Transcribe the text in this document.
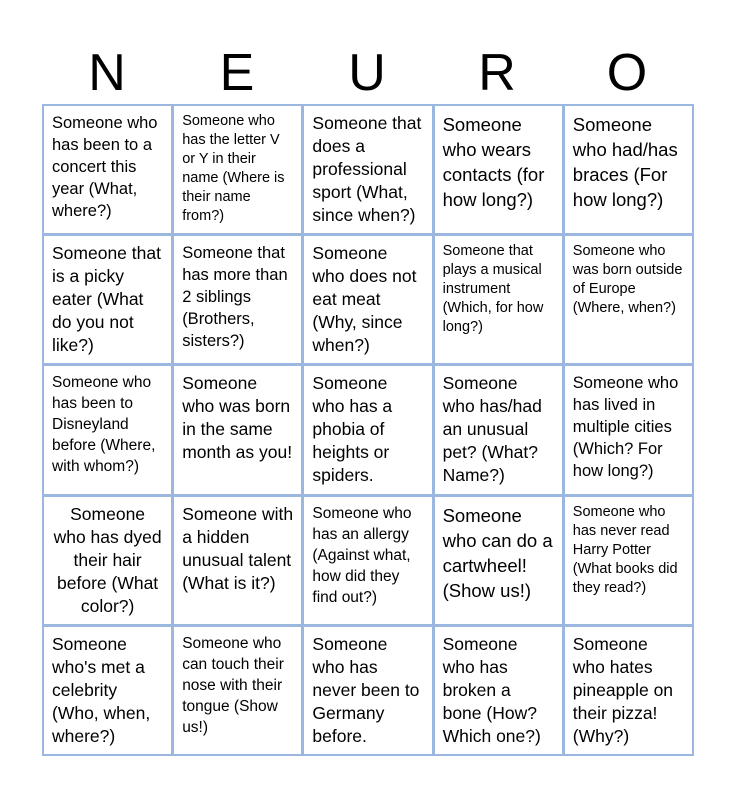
N	E	U	R	O
Someone who has been to a concert this year (What, where?)
Someone who has the letter V or Y in their name (Where is their name from?)
Someone that does a professional sport (What, since when?)
Someone who wears contacts (for how long?)
Someone who had/has braces (For how long?)
Someone that is a picky eater (What do you not like?)
Someone that has more than 2 siblings (Brothers, sisters?)
Someone who does not eat meat (Why, since when?)
Someone that plays a musical instrument (Which, for how long?)
Someone who was born outside of Europe (Where, when?)
Someone who has been to Disneyland before (Where, with whom?)
Someone who was born in the same month as you!
Someone who has a phobia of heights or spiders.
Someone who has/had an unusual pet? (What? Name?)
Someone who has lived in multiple cities (Which? For how long?)
Someone who has dyed their hair before (What color?)
Someone with a hidden unusual talent (What is it?)
Someone who has an allergy (Against what, how did they find out?)
Someone who can do a cartwheel! (Show us!)
Someone who has never read Harry Potter (What books did they read?)
Someone who's met a celebrity (Who, when, where?)
Someone who can touch their nose with their tongue (Show us!)
Someone who has never been to Germany before.
Someone who has broken a bone (How? Which one?)
Someone who hates pineapple on their pizza! (Why?)
